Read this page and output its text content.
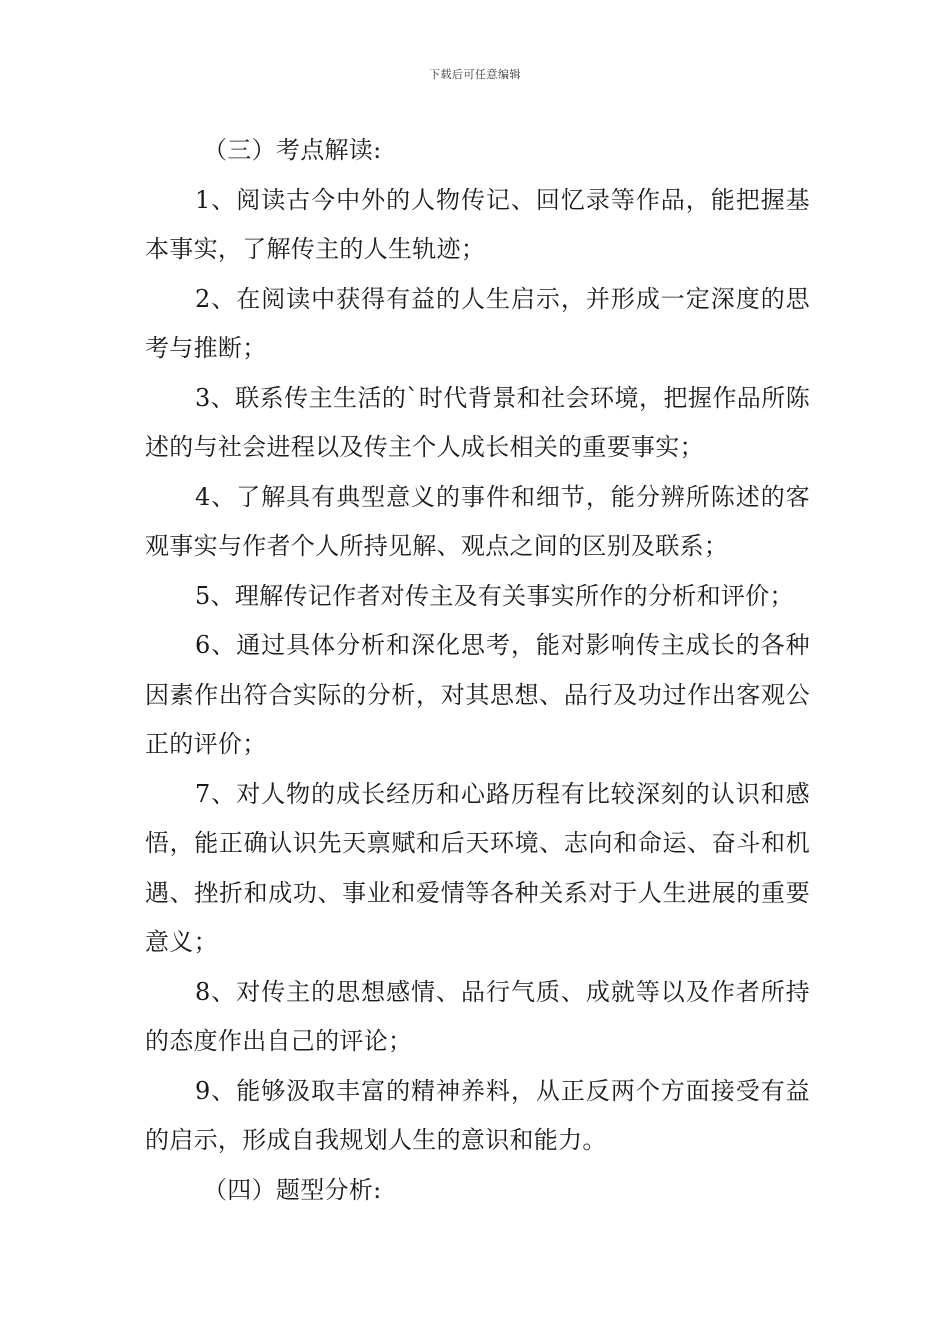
下载后可任意编辑

（三）考点解读:

1、阅读古今中外的人物传记、回忆录等作品，能把握基本事实，了解传主的人生轨迹；

2、在阅读中获得有益的人生启示，并形成一定深度的思考与推断；

3、联系传主生活的`时代背景和社会环境，把握作品所陈述的与社会进程以及传主个人成长相关的重要事实；

4、了解具有典型意义的事件和细节，能分辨所陈述的客观事实与作者个人所持见解、观点之间的区别及联系；

5、理解传记作者对传主及有关事实所作的分析和评价；

6、通过具体分析和深化思考，能对影响传主成长的各种因素作出符合实际的分析，对其思想、品行及功过作出客观公正的评价；

7、对人物的成长经历和心路历程有比较深刻的认识和感悟，能正确认识先天禀赋和后天环境、志向和命运、奋斗和机遇、挫折和成功、事业和爱情等各种关系对于人生进展的重要意义；

8、对传主的思想感情、品行气质、成就等以及作者所持的态度作出自己的评论；

9、能够汲取丰富的精神养料，从正反两个方面接受有益的启示，形成自我规划人生的意识和能力。

（四）题型分析:
